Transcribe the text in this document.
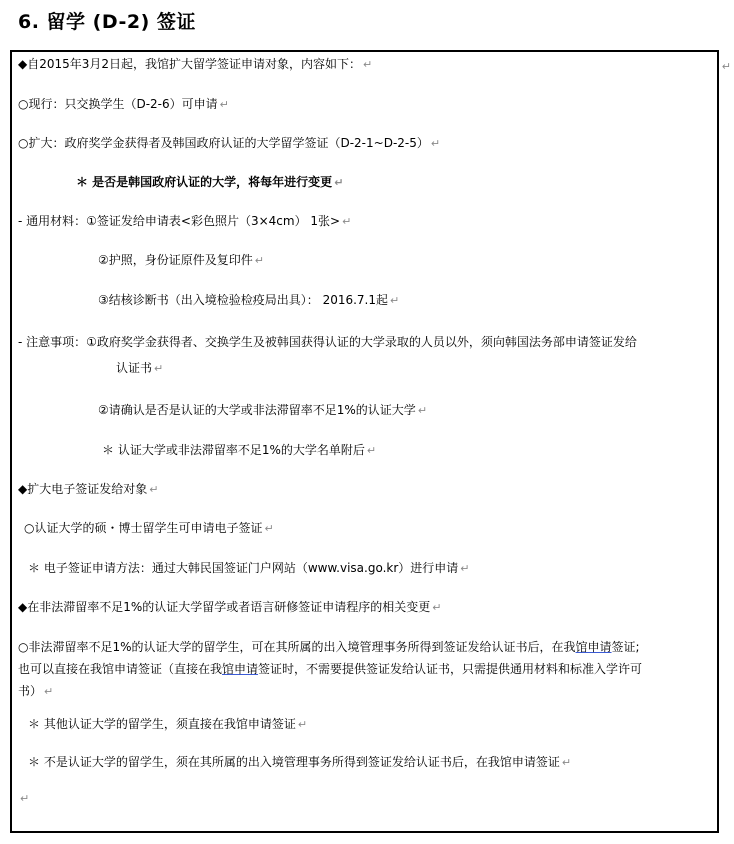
6. 留学 (D-2) 签证
↵
◆自2015年3月2日起，我馆扩大留学签证申请对象，内容如下： ↵
○现行：只交换学生（D-2-6）可申请 ↵
○扩大：政府奖学金获得者及韩国政府认证的大学留学签证（D-2-1~D-2-5） ↵
＊ 是否是韩国政府认证的大学，将每年进行变更 ↵
- 通用材料：①签证发给申请表<彩色照片（3×4cm） 1张> ↵
②护照，身份证原件及复印件 ↵
③结核诊断书（出入境检验检疫局出具）： 2016.7.1起 ↵
- 注意事项：①政府奖学金获得者、交换学生及被韩国获得认证的大学录取的人员以外，须向韩国法务部申请签证发给
认证书 ↵
②请确认是否是认证的大学或非法滞留率不足1%的认证大学 ↵
＊ 认证大学或非法滞留率不足1%的大学名单附后 ↵
◆扩大电子签证发给对象 ↵
○认证大学的硕・博士留学生可申请电子签证 ↵
＊ 电子签证申请方法：通过大韩民国签证门户网站（www.visa.go.kr）进行申请 ↵
◆在非法滞留率不足1%的认证大学留学或者语言研修签证申请程序的相关变更 ↵
○非法滞留率不足1%的认证大学的留学生，可在其所属的出入境管理事务所得到签证发给认证书后，在我馆申请签证;
也可以直接在我馆申请签证（直接在我馆申请签证时，不需要提供签证发给认证书，只需提供通用材料和标准入学许可
书） ↵
＊ 其他认证大学的留学生，须直接在我馆申请签证 ↵
＊ 不是认证大学的留学生，须在其所属的出入境管理事务所得到签证发给认证书后，在我馆申请签证 ↵
↵
